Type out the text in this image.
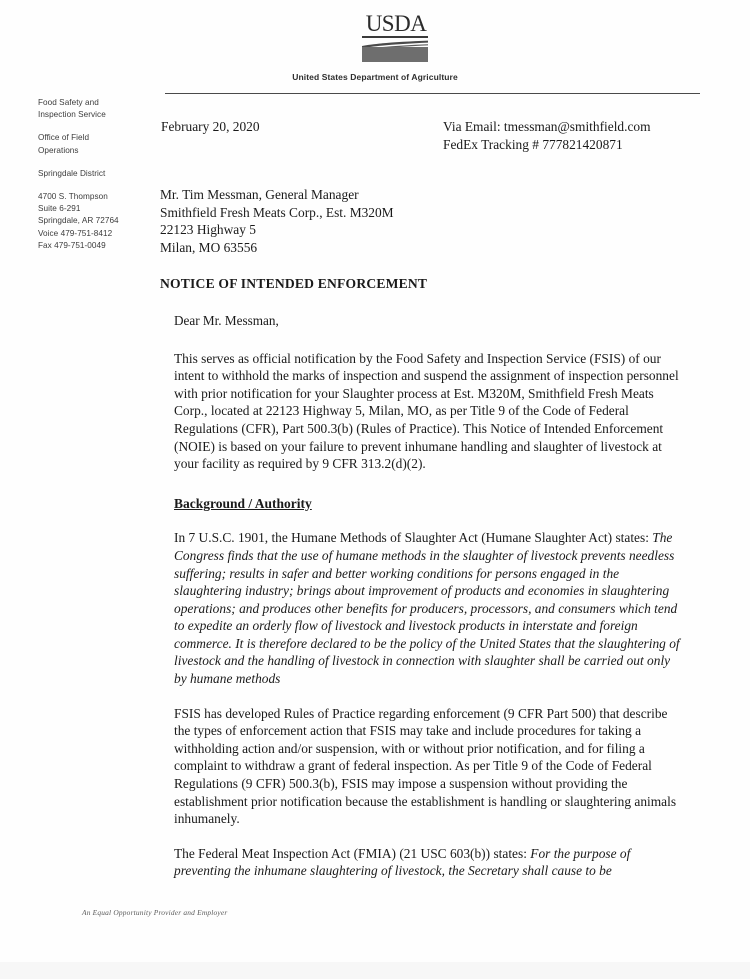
USDA
United States Department of Agriculture
Food Safety and
Inspection Service
Office of Field
Operations
Springdale District
4700 S. Thompson
Suite 6-291
Springdale, AR 72764
Voice 479-751-8412
Fax 479-751-0049
February 20, 2020	Via Email: tmessman@smithfield.com
FedEx Tracking # 777821420871
Mr. Tim Messman, General Manager
Smithfield Fresh Meats Corp., Est. M320M
22123 Highway 5
Milan, MO 63556
NOTICE OF INTENDED ENFORCEMENT
Dear Mr. Messman,

This serves as official notification by the Food Safety and Inspection Service (FSIS) of our intent to withhold the marks of inspection and suspend the assignment of inspection personnel with prior notification for your Slaughter process at Est. M320M, Smithfield Fresh Meats Corp., located at 22123 Highway 5, Milan, MO, as per Title 9 of the Code of Federal Regulations (CFR), Part 500.3(b) (Rules of Practice). This Notice of Intended Enforcement (NOIE) is based on your failure to prevent inhumane handling and slaughter of livestock at your facility as required by 9 CFR 313.2(d)(2).

Background / Authority

In 7 U.S.C. 1901, the Humane Methods of Slaughter Act (Humane Slaughter Act) states: The Congress finds that the use of humane methods in the slaughter of livestock prevents needless suffering; results in safer and better working conditions for persons engaged in the slaughtering industry; brings about improvement of products and economies in slaughtering operations; and produces other benefits for producers, processors, and consumers which tend to expedite an orderly flow of livestock and livestock products in interstate and foreign commerce. It is therefore declared to be the policy of the United States that the slaughtering of livestock and the handling of livestock in connection with slaughter shall be carried out only by humane methods

FSIS has developed Rules of Practice regarding enforcement (9 CFR Part 500) that describe the types of enforcement action that FSIS may take and include procedures for taking a withholding action and/or suspension, with or without prior notification, and for filing a complaint to withdraw a grant of federal inspection. As per Title 9 of the Code of Federal Regulations (9 CFR) 500.3(b), FSIS may impose a suspension without providing the establishment prior notification because the establishment is handling or slaughtering animals inhumanely.

The Federal Meat Inspection Act (FMIA) (21 USC 603(b)) states: For the purpose of preventing the inhumane slaughtering of livestock, the Secretary shall cause to be

An Equal Opportunity Provider and Employer
